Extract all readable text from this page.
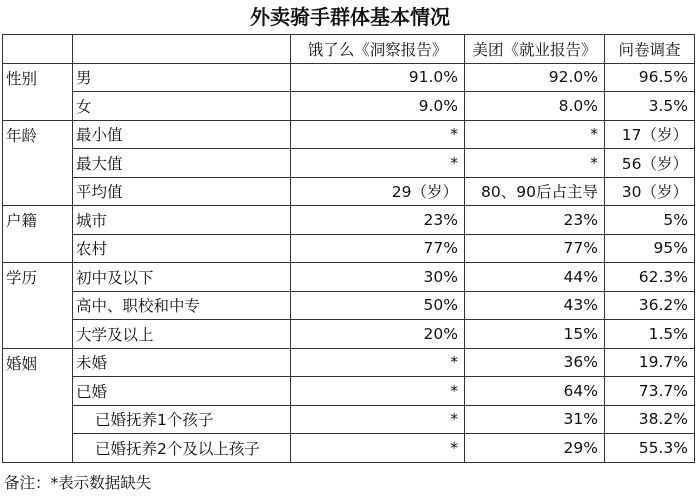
外卖骑手群体基本情况
		饿了么《洞察报告》	美团《就业报告》	问卷调查
性别	男	91.0%	92.0%	96.5%
	女	9.0%	8.0%	3.5%
年龄	最小值	*	*	17（岁）
	最大值	*	*	56（岁）
	平均值	29（岁）	80、90后占主导	30（岁）
户籍	城市	23%	23%	5%
	农村	77%	77%	95%
学历	初中及以下	30%	44%	62.3%
	高中、职校和中专	50%	43%	36.2%
	大学及以上	20%	15%	1.5%
婚姻	未婚	*	36%	19.7%
	已婚	*	64%	73.7%
	已婚抚养1个孩子	*	31%	38.2%
	已婚抚养2个及以上孩子	*	29%	55.3%
备注：*表示数据缺失
